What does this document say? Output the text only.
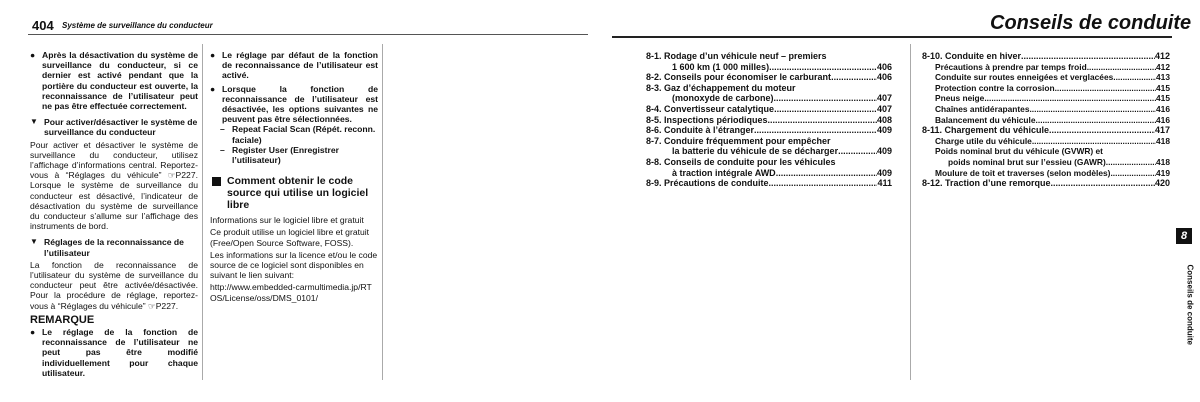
404 Système de surveillance du conducteur
● Après la désactivation du système de surveillance du conducteur, si ce dernier est activé pendant que la portière du conducteur est ouverte, la reconnaissance de l’utilisateur peut ne pas être effectuée correctement.
▼ Pour activer/désactiver le système de surveillance du conducteur

Pour activer et désactiver le système de surveillance du conducteur, utilisez l’affichage d’informations central. Reportez-vous à “Réglages du véhicule” ☞P227. Lorsque le système de surveillance du conducteur est désactivé, l’indicateur de désactivation du système de surveillance du conducteur s’allume sur l’affichage des instruments de bord.

▼ Réglages de la reconnaissance de l’utilisateur

La fonction de reconnaissance de l’utilisateur du système de surveillance du conducteur peut être activée/désactivée. Pour la procédure de réglage, reportez-vous à “Réglages du véhicule” ☞P227.

REMARQUE
● Le réglage de la fonction de reconnaissance de l’utilisateur ne peut pas être modifié individuellement pour chaque utilisateur.
● Le réglage par défaut de la fonction de reconnaissance de l’utilisateur est activé.
● Lorsque la fonction de reconnaissance de l’utilisateur est désactivée, les options suivantes ne peuvent pas être sélectionnées.
– Repeat Facial Scan (Répét. reconn. faciale)
– Register User (Enregistrer l’utilisateur)
Comment obtenir le code source qui utilise un logiciel libre

Informations sur le logiciel libre et gratuit

Ce produit utilise un logiciel libre et gratuit (Free/Open Source Software, FOSS).

Les informations sur la licence et/ou le code source de ce logiciel sont disponibles en suivant le lien suivant:

http://www.embedded-carmultimedia.jp/RTOS/License/oss/DMS_0101/

Conseils de conduite
8-1. Rodage d’un véhicule neuf – premiers
1 600 km (1 000 milles) .....	406
8-2. Conseils pour économiser le carburant .....	406
8-3. Gaz d’échappement du moteur
(monoxyde de carbone) .....	407
8-4. Convertisseur catalytique .....	407
8-5. Inspections périodiques .....	408
8-6. Conduite à l’étranger .....	409
8-7. Conduire fréquemment pour empêcher
la batterie du véhicule de se décharger .....	409
8-8. Conseils de conduite pour les véhicules
à traction intégrale AWD .....	409
8-9. Précautions de conduite .....	411
8-10. Conduite en hiver .....	412
Précautions à prendre par temps froid .....	412
Conduite sur routes enneigées et verglacées .....	413
Protection contre la corrosion .....	415
Pneus neige .....	415
Chaînes antidérapantes .....	416
Balancement du véhicule .....	416
8-11. Chargement du véhicule .....	417
Charge utile du véhicule .....	418
Poids nominal brut du véhicule (GVWR) et
poids nominal brut sur l’essieu (GAWR) .....	418
Moulure de toit et traverses (selon modèles) .....	419
8-12. Traction d’une remorque .....	420
8
Conseils de conduite
